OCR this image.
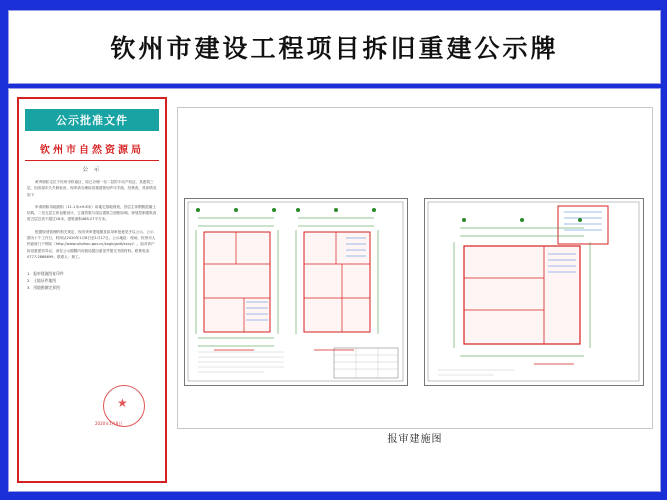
钦州市建设工程项目拆旧重建公示牌
公示批准文件
钦州市自然资源局
公 示
黄秀明私宅位于钦州市钦南区，原已办理一至二层的不动产权证，其建筑三层、因房屋年久失修危房，现申请办理拆旧重建规划许可手续，经核查，具体情况如下：
申请面积用地面积（11.1米×9.8米）用地宅基地规划，首层主体钢筋混凝土结构，二至五层主体包裹设计，立面效果与周边建筑立面相协调。规划控制建筑高度五层总高不超过18米，建筑面积488.27平方米。
根据规划管理的相关规定，现对该审建施图及拟用审批意见予以公示，公示期为十个工作日，时间从2020年1月8日至1月17日。公示地址：现场、钦州市人民政府门户网站（http://www.qinzhou.gov.cn/xxgk/gzdt/xxzy/）。如对该户拆旧重建有异议，请在公示期限内向我局提出意见并提交书面材料。联系电话：0777-2868699，联系人：黄工。
1．报审建施图复印件
2．土地证件地图
3．用地勘测定界图
★
2020年1月8日
报审建施图
